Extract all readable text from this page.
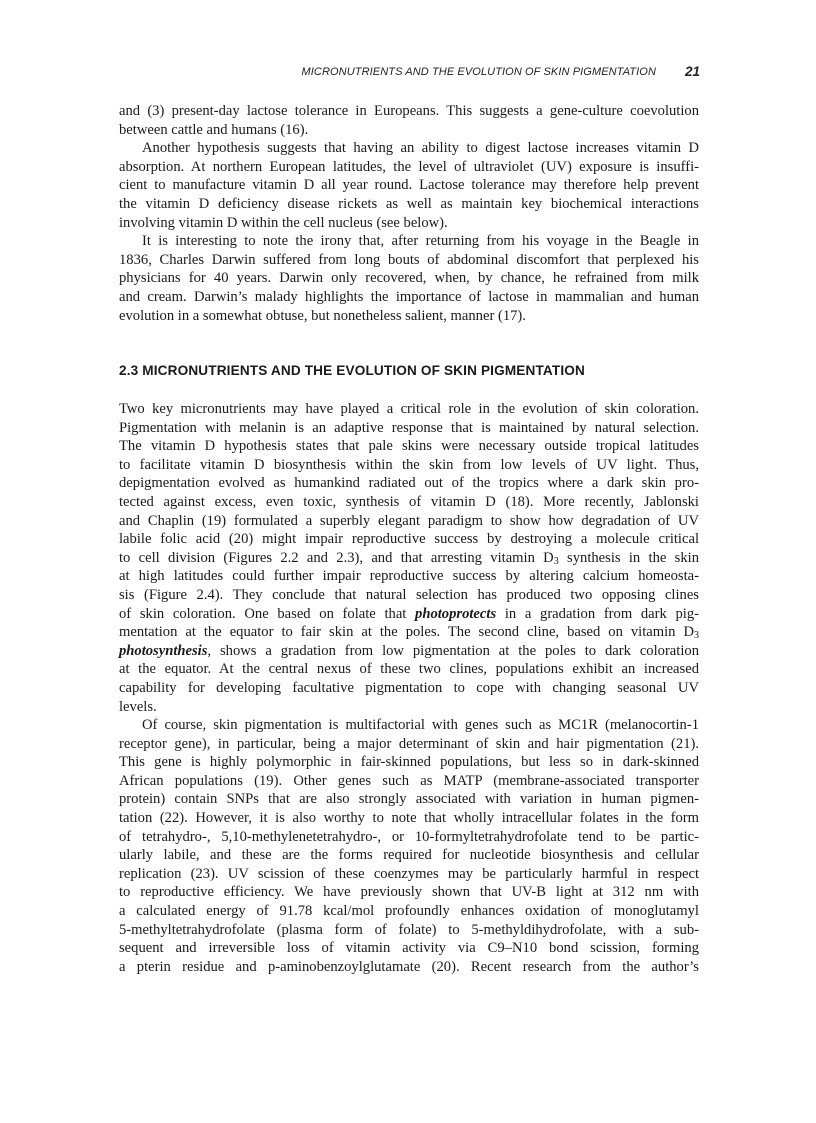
MICRONUTRIENTS AND THE EVOLUTION OF SKIN PIGMENTATION	21
and (3) present-day lactose tolerance in Europeans. This suggests a gene-culture coevolution
between cattle and humans (16).
Another hypothesis suggests that having an ability to digest lactose increases vitamin D
absorption. At northern European latitudes, the level of ultraviolet (UV) exposure is insuffi-
cient to manufacture vitamin D all year round. Lactose tolerance may therefore help prevent
the vitamin D deficiency disease rickets as well as maintain key biochemical interactions
involving vitamin D within the cell nucleus (see below).
It is interesting to note the irony that, after returning from his voyage in the Beagle in
1836, Charles Darwin suffered from long bouts of abdominal discomfort that perplexed his
physicians for 40 years. Darwin only recovered, when, by chance, he refrained from milk
and cream. Darwin’s malady highlights the importance of lactose in mammalian and human
evolution in a somewhat obtuse, but nonetheless salient, manner (17).
2.3 MICRONUTRIENTS AND THE EVOLUTION OF SKIN PIGMENTATION
Two key micronutrients may have played a critical role in the evolution of skin coloration.
Pigmentation with melanin is an adaptive response that is maintained by natural selection.
The vitamin D hypothesis states that pale skins were necessary outside tropical latitudes
to facilitate vitamin D biosynthesis within the skin from low levels of UV light. Thus,
depigmentation evolved as humankind radiated out of the tropics where a dark skin pro-
tected against excess, even toxic, synthesis of vitamin D (18). More recently, Jablonski
and Chaplin (19) formulated a superbly elegant paradigm to show how degradation of UV
labile folic acid (20) might impair reproductive success by destroying a molecule critical
to cell division (Figures 2.2 and 2.3), and that arresting vitamin $D_3$ synthesis in the skin
at high latitudes could further impair reproductive success by altering calcium homeosta-
sis (Figure 2.4). They conclude that natural selection has produced two opposing clines
of skin coloration. One based on folate that photoprotects in a gradation from dark pig-
mentation at the equator to fair skin at the poles. The second cline, based on vitamin $D_3$
photosynthesis, shows a gradation from low pigmentation at the poles to dark coloration
at the equator. At the central nexus of these two clines, populations exhibit an increased
capability for developing facultative pigmentation to cope with changing seasonal UV
levels.
Of course, skin pigmentation is multifactorial with genes such as MC1R (melanocortin-1
receptor gene), in particular, being a major determinant of skin and hair pigmentation (21).
This gene is highly polymorphic in fair-skinned populations, but less so in dark-skinned
African populations (19). Other genes such as MATP (membrane-associated transporter
protein) contain SNPs that are also strongly associated with variation in human pigmen-
tation (22). However, it is also worthy to note that wholly intracellular folates in the form
of tetrahydro-, 5,10-methylenetetrahydro-, or 10-formyltetrahydrofolate tend to be partic-
ularly labile, and these are the forms required for nucleotide biosynthesis and cellular
replication (23). UV scission of these coenzymes may be particularly harmful in respect
to reproductive efficiency. We have previously shown that UV-B light at 312 nm with
a calculated energy of 91.78 kcal/mol profoundly enhances oxidation of monoglutamyl
5-methyltetrahydrofolate (plasma form of folate) to 5-methyldihydrofolate, with a sub-
sequent and irreversible loss of vitamin activity via C9–N10 bond scission, forming
a pterin residue and p-aminobenzoylglutamate (20). Recent research from the author’s
